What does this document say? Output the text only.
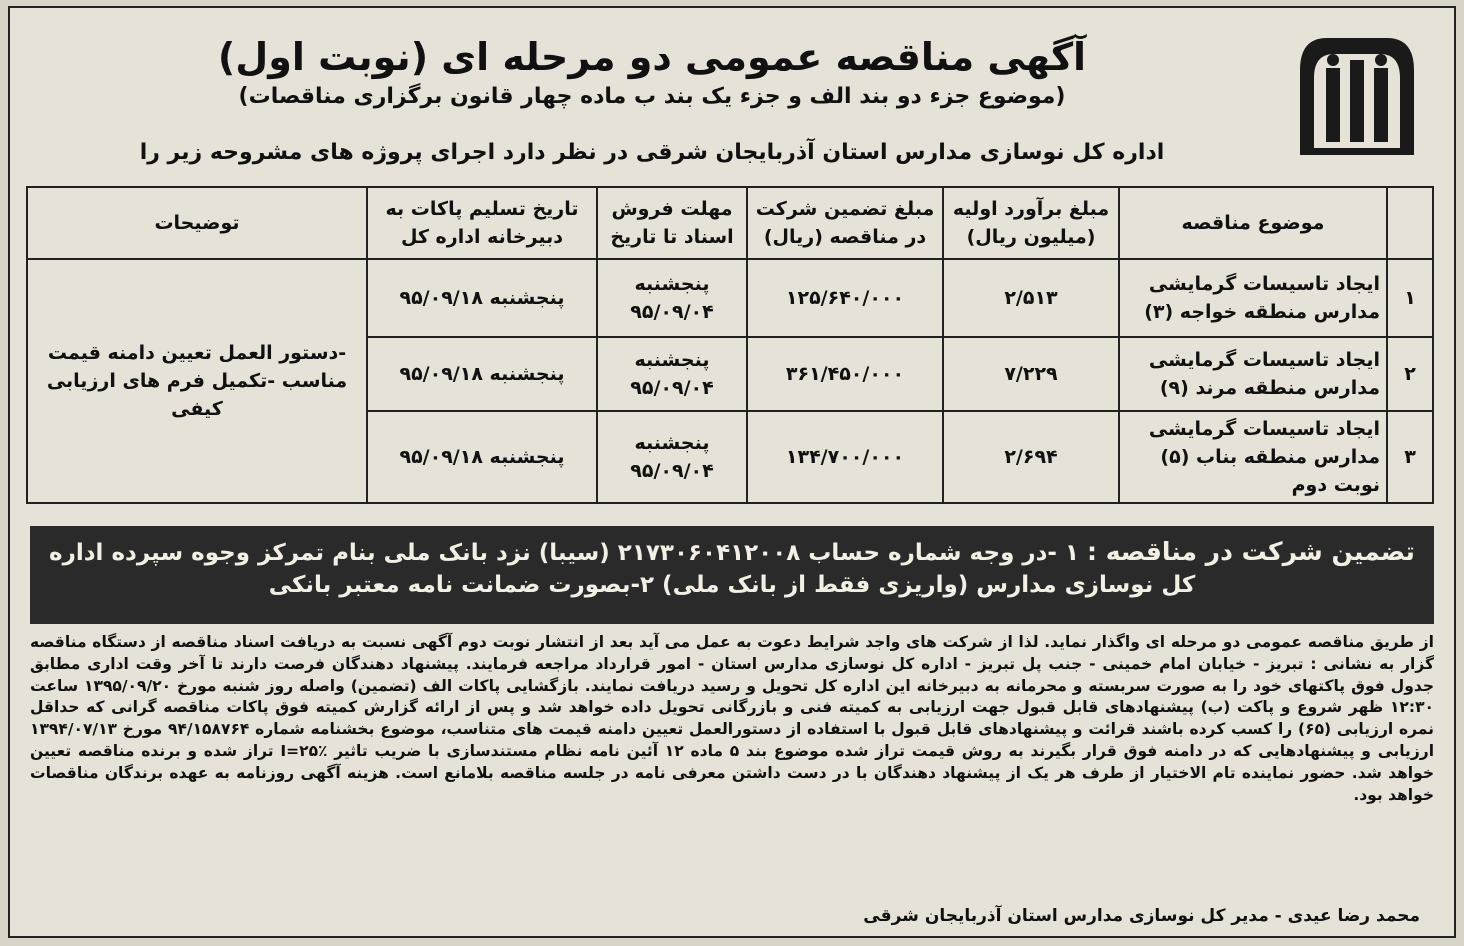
آگهی مناقصه عمومی دو مرحله ای (نوبت اول)
(موضوع جزء دو بند الف و جزء یک بند ب ماده چهار قانون برگزاری مناقصات)
اداره کل نوسازی مدارس استان آذربایجان شرقی در نظر دارد اجرای پروژه های مشروحه زیر را
	موضوع مناقصه	مبلغ برآورد اولیه (میلیون ریال)	مبلغ تضمین شرکت در مناقصه (ریال)	مهلت فروش اسناد تا تاریخ	تاریخ تسلیم پاکات به دبیرخانه اداره کل	توضیحات
۱	ایجاد تاسیسات گرمایشی مدارس منطقه خواجه (۳)	۲/۵۱۳	۱۲۵/۶۴۰/۰۰۰	پنجشنبه ۹۵/۰۹/۰۴	پنجشنبه ۹۵/۰۹/۱۸	-دستور العمل تعیین دامنه قیمت مناسب -تکمیل فرم های ارزیابی کیفی
۲	ایجاد تاسیسات گرمایشی مدارس منطقه مرند (۹)	۷/۲۲۹	۳۶۱/۴۵۰/۰۰۰	پنجشنبه ۹۵/۰۹/۰۴	پنجشنبه ۹۵/۰۹/۱۸	
۳	ایجاد تاسیسات گرمایشی مدارس منطقه بناب (۵) نوبت دوم	۲/۶۹۴	۱۳۴/۷۰۰/۰۰۰	پنجشنبه ۹۵/۰۹/۰۴	پنجشنبه ۹۵/۰۹/۱۸	
تضمین شرکت در مناقصه : ۱ -در وجه شماره حساب ۲۱۷۳۰۶۰۴۱۲۰۰۸ (سیبا) نزد بانک ملی بنام تمرکز وجوه سپرده اداره کل نوسازی مدارس (واریزی فقط از بانک ملی) ۲-بصورت ضمانت نامه معتبر بانکی
از طریق مناقصه عمومی دو مرحله ای واگذار نماید. لذا از شرکت های واجد شرایط دعوت به عمل می آید بعد از انتشار نوبت دوم آگهی نسبت به دریافت اسناد مناقصه از دستگاه مناقصه گزار به نشانی : تبریز - خیابان امام خمینی - جنب پل تبریز - اداره کل نوسازی مدارس استان - امور قرارداد مراجعه فرمایند. پیشنهاد دهندگان فرصت دارند تا آخر وقت اداری مطابق جدول فوق پاکتهای خود را به صورت سربسته و محرمانه به دبیرخانه این اداره کل تحویل و رسید دریافت نمایند. بازگشایی پاکات الف (تضمین) واصله روز شنبه مورخ ۱۳۹۵/۰۹/۲۰ ساعت ۱۲:۳۰ ظهر شروع و پاکت (ب) پیشنهادهای قابل قبول جهت ارزیابی به کمیته فنی و بازرگانی تحویل داده خواهد شد و پس از ارائه گزارش کمیته فوق پاکات مناقصه گرانی که حداقل نمره ارزیابی (۶۵) را کسب کرده باشند قرائت و پیشنهادهای قابل قبول با استفاده از دستورالعمل تعیین دامنه قیمت های متناسب، موضوع بخشنامه شماره ۹۴/۱۵۸۷۶۴ مورخ ۱۳۹۴/۰۷/۱۳ ارزیابی و پیشنهادهایی که در دامنه فوق قرار بگیرند به روش قیمت تراز شده موضوع بند ۵ ماده ۱۲ آئین نامه نظام مستندسازی با ضریب تاثیر I=۲۵٪ تراز شده و برنده مناقصه تعیین خواهد شد. حضور نماینده تام الاختیار از طرف هر یک از پیشنهاد دهندگان با در دست داشتن معرفی نامه در جلسه مناقصه بلامانع است. هزینه آگهی روزنامه به عهده برندگان مناقصات خواهد بود.
محمد رضا عیدی - مدیر کل نوسازی مدارس استان آذربایجان شرقی
